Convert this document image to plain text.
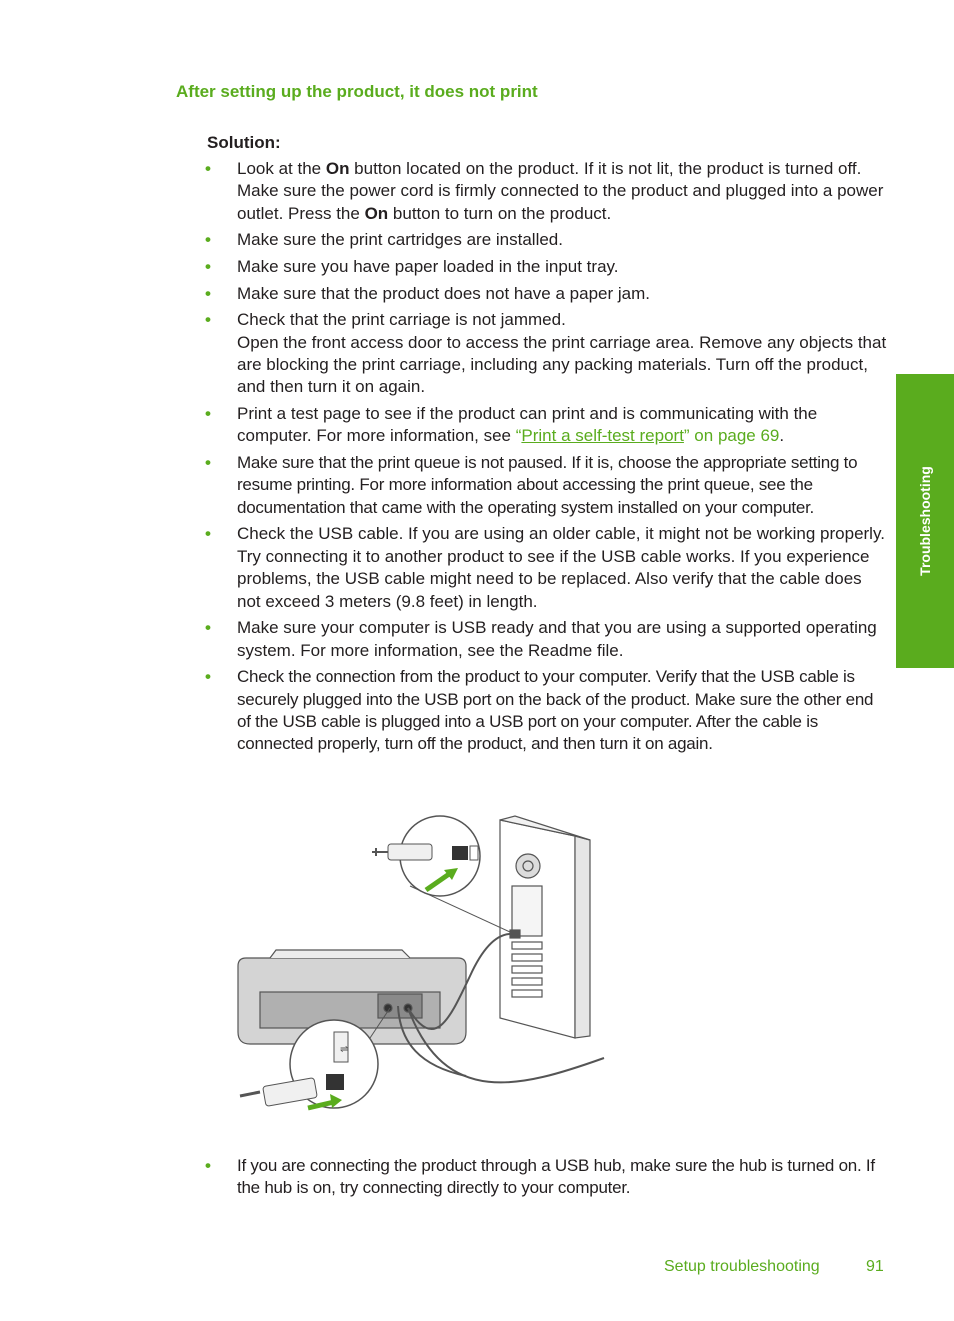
After setting up the product, it does not print
Solution:
• Look at the On button located on the product. If it is not lit, the product is turned off. Make sure the power cord is firmly connected to the product and plugged into a power outlet. Press the On button to turn on the product.
• Make sure the print cartridges are installed.
• Make sure you have paper loaded in the input tray.
• Make sure that the product does not have a paper jam.
• Check that the print carriage is not jammed.

Open the front access door to access the print carriage area. Remove any objects that are blocking the print carriage, including any packing materials. Turn off the product, and then turn it on again.

• Print a test page to see if the product can print and is communicating with the computer. For more information, see “Print a self-test report” on page 69.
• Make sure that the print queue is not paused. If it is, choose the appropriate setting to resume printing. For more information about accessing the print queue, see the documentation that came with the operating system installed on your computer.
• Check the USB cable. If you are using an older cable, it might not be working properly. Try connecting it to another product to see if the USB cable works. If you experience problems, the USB cable might need to be replaced. Also verify that the cable does not exceed 3 meters (9.8 feet) in length.
• Make sure your computer is USB ready and that you are using a supported operating system. For more information, see the Readme file.
• Check the connection from the product to your computer. Verify that the USB cable is securely plugged into the USB port on the back of the product. Make sure the other end of the USB cable is plugged into a USB port on your computer. After the cable is connected properly, turn off the product, and then turn it on again.
Troubleshooting
⇌
• If you are connecting the product through a USB hub, make sure the hub is turned on. If the hub is on, try connecting directly to your computer.
Setup troubleshooting	91
